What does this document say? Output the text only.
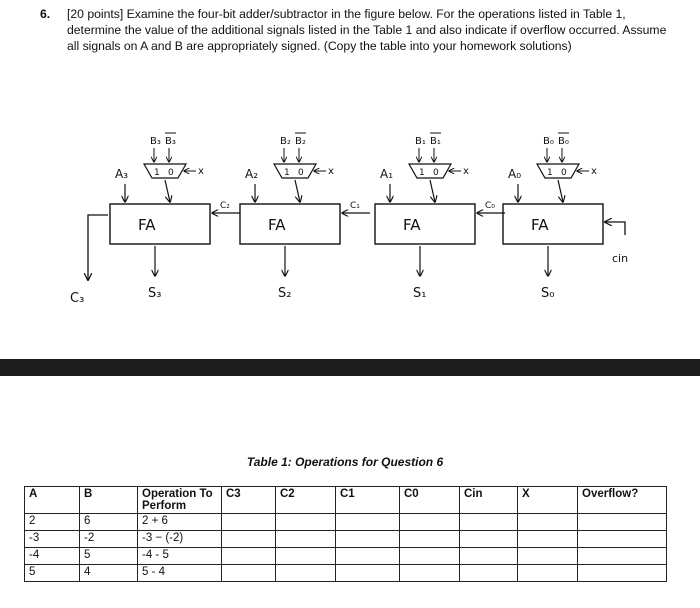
6. [20 points] Examine the four-bit adder/subtractor in the figure below. For the operations listed in Table 1, determine the value of the additional signals listed in the Table 1 and also indicate if overflow occurred. Assume all signals on A and B are appropriately signed. (Copy the table into your homework solutions)
FA
A₃
B₃ B₃
1 0 x
S₃
C₂
FA
A₂
B₂ B₂
1 0 x
S₂
C₁
FA
A₁
B₁ B₁
1 0 x
S₁
C₀
FA
A₀
B₀ B₀
1 0 x
S₀
C₃
cin
Table 1: Operations for Question 6
A	B	Operation To Perform	C3	C2	C1	C0	Cin	X	Overflow?
2	6	2 + 6							
-3	-2	-3 − (-2)							
-4	5	-4 - 5							
5	4	5 - 4							
